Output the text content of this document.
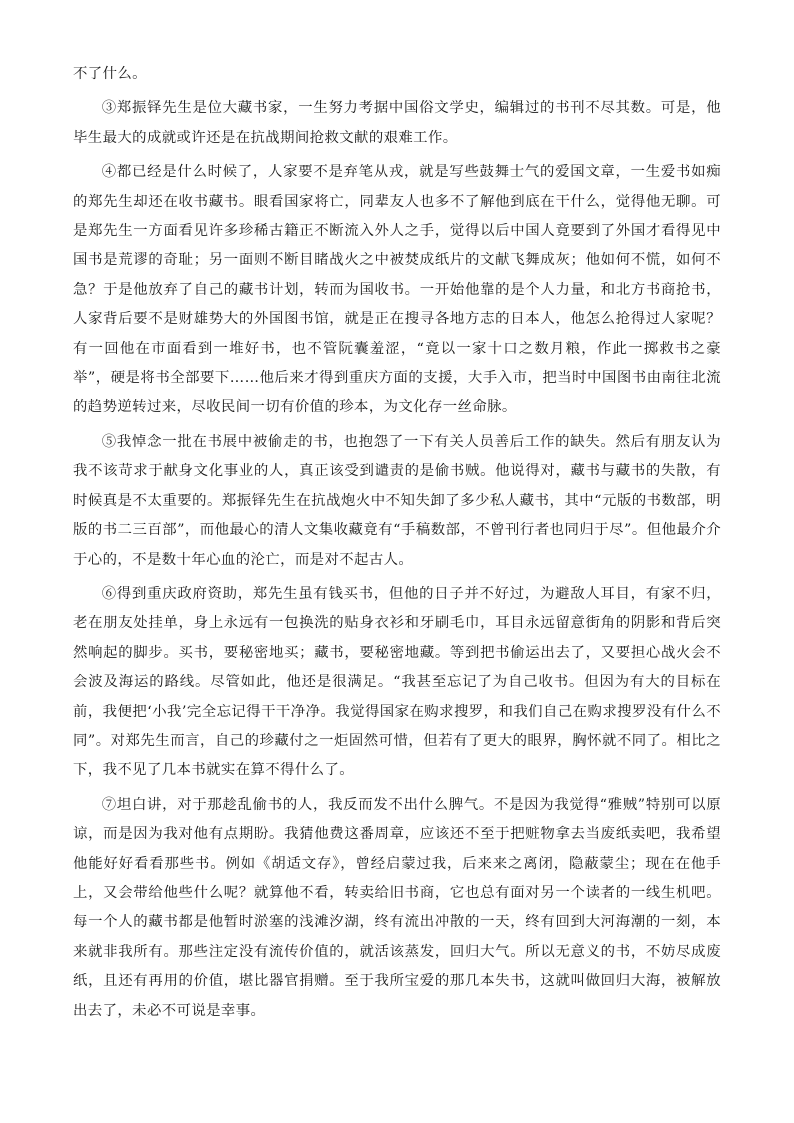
不了什么。

③郑振铎先生是位大藏书家，一生努力考据中国俗文学史，编辑过的书刊不尽其数。可是，他毕生最大的成就或许还是在抗战期间抢救文献的艰难工作。

④都已经是什么时候了，人家要不是弃笔从戎，就是写些鼓舞士气的爱国文章，一生爱书如痴的郑先生却还在收书藏书。眼看国家将亡，同辈友人也多不了解他到底在干什么，觉得他无聊。可是郑先生一方面看见许多珍稀古籍正不断流入外人之手，觉得以后中国人竟要到了外国才看得见中国书是荒谬的奇耻；另一面则不断目睹战火之中被焚成纸片的文献飞舞成灰；他如何不慌，如何不急？于是他放弃了自己的藏书计划，转而为国收书。一开始他靠的是个人力量，和北方书商抢书，人家背后要不是财雄势大的外国图书馆，就是正在搜寻各地方志的日本人，他怎么抢得过人家呢？有一回他在市面看到一堆好书，也不管阮囊羞涩，“竟以一家十口之数月粮，作此一掷救书之豪举”，硬是将书全部要下……他后来才得到重庆方面的支援，大手入市，把当时中国图书由南往北流的趋势逆转过来，尽收民间一切有价值的珍本，为文化存一丝命脉。

⑤我悼念一批在书展中被偷走的书，也抱怨了一下有关人员善后工作的缺失。然后有朋友认为我不该苛求于献身文化事业的人，真正该受到谴责的是偷书贼。他说得对，藏书与藏书的失散，有时候真是不太重要的。郑振铎先生在抗战炮火中不知失卸了多少私人藏书，其中“元版的书数部，明版的书二三百部”，而他最心的清人文集收藏竟有“手稿数部，不曾刊行者也同归于尽”。但他最介介于心的，不是数十年心血的沦亡，而是对不起古人。

⑥得到重庆政府资助，郑先生虽有钱买书，但他的日子并不好过，为避敌人耳目，有家不归，老在朋友处挂单，身上永远有一包换洗的贴身衣衫和牙刷毛巾，耳目永远留意街角的阴影和背后突然响起的脚步。买书，要秘密地买；藏书，要秘密地藏。等到把书偷运出去了，又要担心战火会不会波及海运的路线。尽管如此，他还是很满足。“我甚至忘记了为自己收书。但因为有大的目标在前，我便把‘小我’完全忘记得干干净净。我觉得国家在购求搜罗，和我们自己在购求搜罗没有什么不同”。对郑先生而言，自己的珍藏付之一炬固然可惜，但若有了更大的眼界，胸怀就不同了。相比之下，我不见了几本书就实在算不得什么了。

⑦坦白讲，对于那趁乱偷书的人，我反而发不出什么脾气。不是因为我觉得“雅贼”特别可以原谅，而是因为我对他有点期盼。我猜他费这番周章，应该还不至于把赃物拿去当废纸卖吧，我希望他能好好看看那些书。例如《胡适文存》，曾经启蒙过我，后来来之离闭，隐蔽蒙尘；现在在他手上，又会带给他些什么呢？就算他不看，转卖给旧书商，它也总有面对另一个读者的一线生机吧。每一个人的藏书都是他暂时淤塞的浅滩汐湖，终有流出冲散的一天，终有回到大河海潮的一刻，本来就非我所有。那些注定没有流传价值的，就活该蒸发，回归大气。所以无意义的书，不妨尽成废纸，且还有再用的价值，堪比器官捐赠。至于我所宝爱的那几本失书，这就叫做回归大海，被解放出去了，未必不可说是幸事。
